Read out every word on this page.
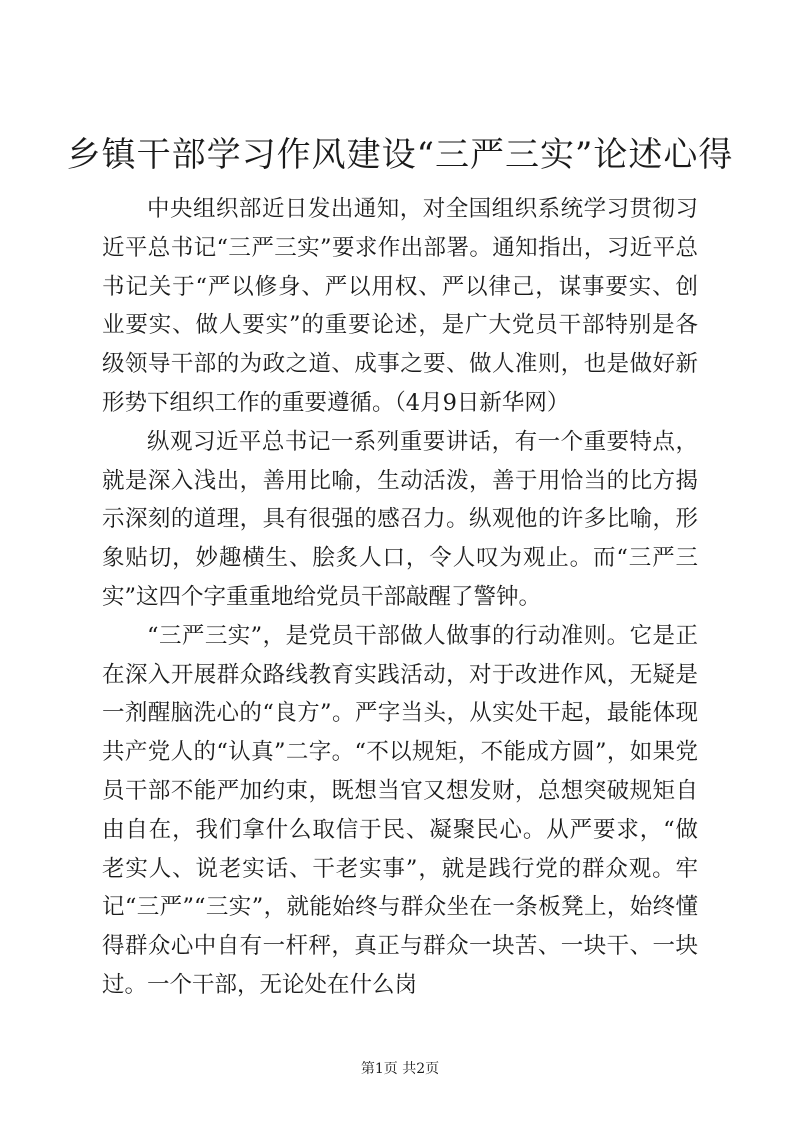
乡镇干部学习作风建设“三严三实”论述心得

中央组织部近日发出通知，对全国组织系统学习贯彻习近平总书记“三严三实”要求作出部署。通知指出，习近平总书记关于“严以修身、严以用权、严以律己，谋事要实、创业要实、做人要实”的重要论述，是广大党员干部特别是各级领导干部的为政之道、成事之要、做人准则，也是做好新形势下组织工作的重要遵循。（4月9日新华网）

纵观习近平总书记一系列重要讲话，有一个重要特点，就是深入浅出，善用比喻，生动活泼，善于用恰当的比方揭示深刻的道理，具有很强的感召力。纵观他的许多比喻，形象贴切，妙趣横生、脍炙人口，令人叹为观止。而“三严三实”这四个字重重地给党员干部敲醒了警钟。

“三严三实”，是党员干部做人做事的行动准则。它是正在深入开展群众路线教育实践活动，对于改进作风，无疑是一剂醒脑洗心的“良方”。严字当头，从实处干起，最能体现共产党人的“认真”二字。“不以规矩，不能成方圆”，如果党员干部不能严加约束，既想当官又想发财，总想突破规矩自由自在，我们拿什么取信于民、凝聚民心。从严要求，“做老实人、说老实话、干老实事”，就是践行党的群众观。牢记“三严”“三实”，就能始终与群众坐在一条板凳上，始终懂得群众心中自有一杆秤，真正与群众一块苦、一块干、一块过。一个干部，无论处在什么岗

第1页 共2页
